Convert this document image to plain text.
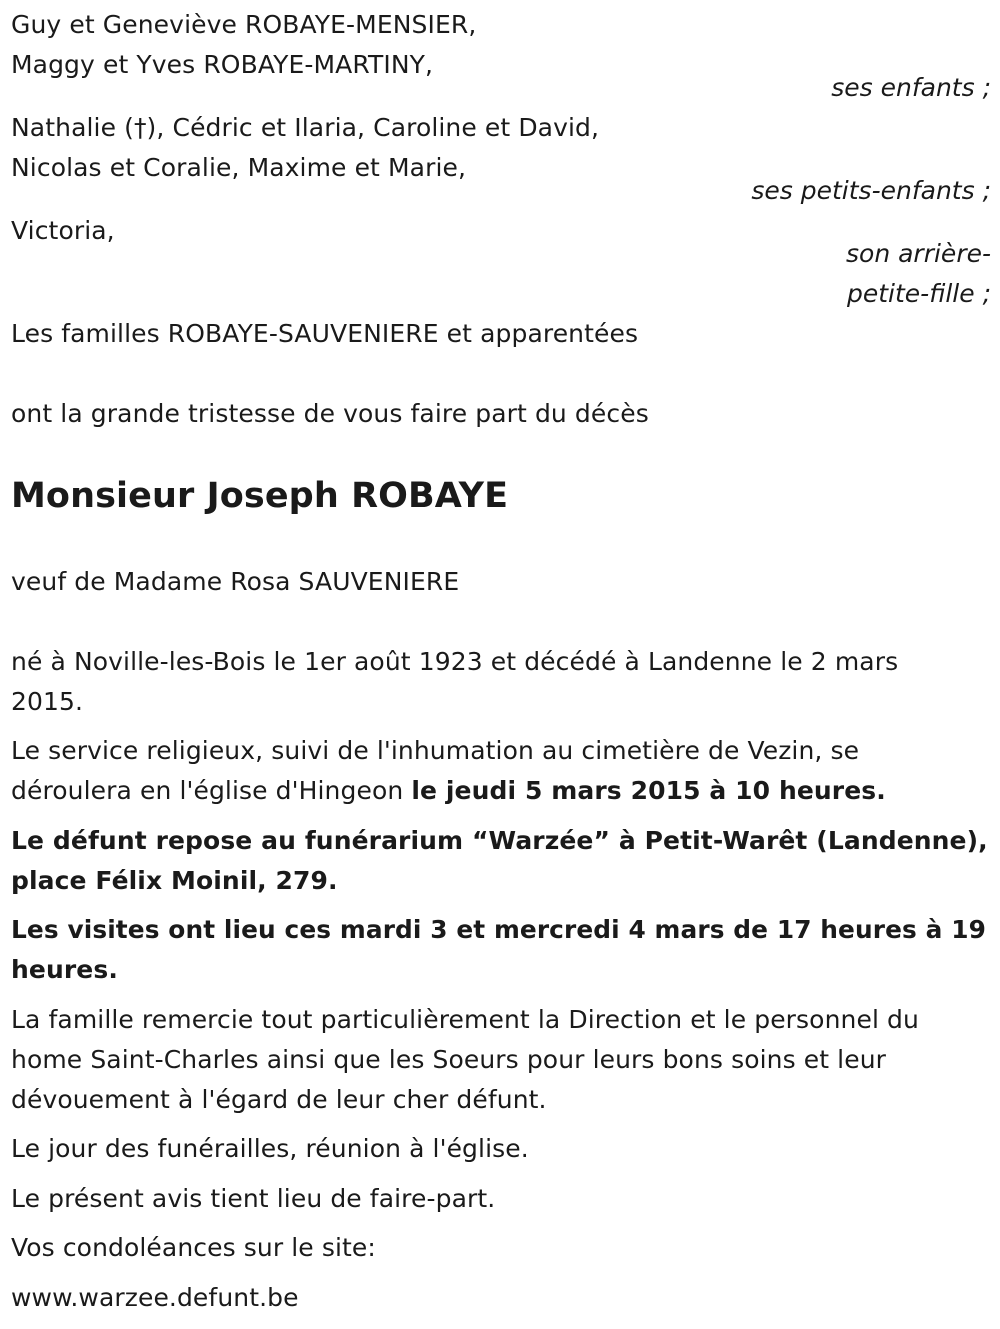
Guy et Geneviève ROBAYE-MENSIER,
Maggy et Yves ROBAYE-MARTINY,
ses enfants ;
Nathalie (†), Cédric et Ilaria, Caroline et David,
Nicolas et Coralie, Maxime et Marie,
ses petits-enfants ;
Victoria,
son arrière-
petite-fille ;
Les familles ROBAYE-SAUVENIERE et apparentées
ont la grande tristesse de vous faire part du décès
Monsieur Joseph ROBAYE
veuf de Madame Rosa SAUVENIERE
né à Noville-les-Bois le 1er août 1923 et décédé à Landenne le 2 mars
2015.
Le service religieux, suivi de l'inhumation au cimetière de Vezin, se
déroulera en l'église d'Hingeon le jeudi 5 mars 2015 à 10 heures.
Le défunt repose au funérarium “Warzée” à Petit-Warêt (Landenne),
place Félix Moinil, 279.
Les visites ont lieu ces mardi 3 et mercredi 4 mars de 17 heures à 19
heures.
La famille remercie tout particulièrement la Direction et le personnel du
home Saint-Charles ainsi que les Soeurs pour leurs bons soins et leur
dévouement à l'égard de leur cher défunt.
Le jour des funérailles, réunion à l'église.
Le présent avis tient lieu de faire-part.
Vos condoléances sur le site:
www.warzee.defunt.be
